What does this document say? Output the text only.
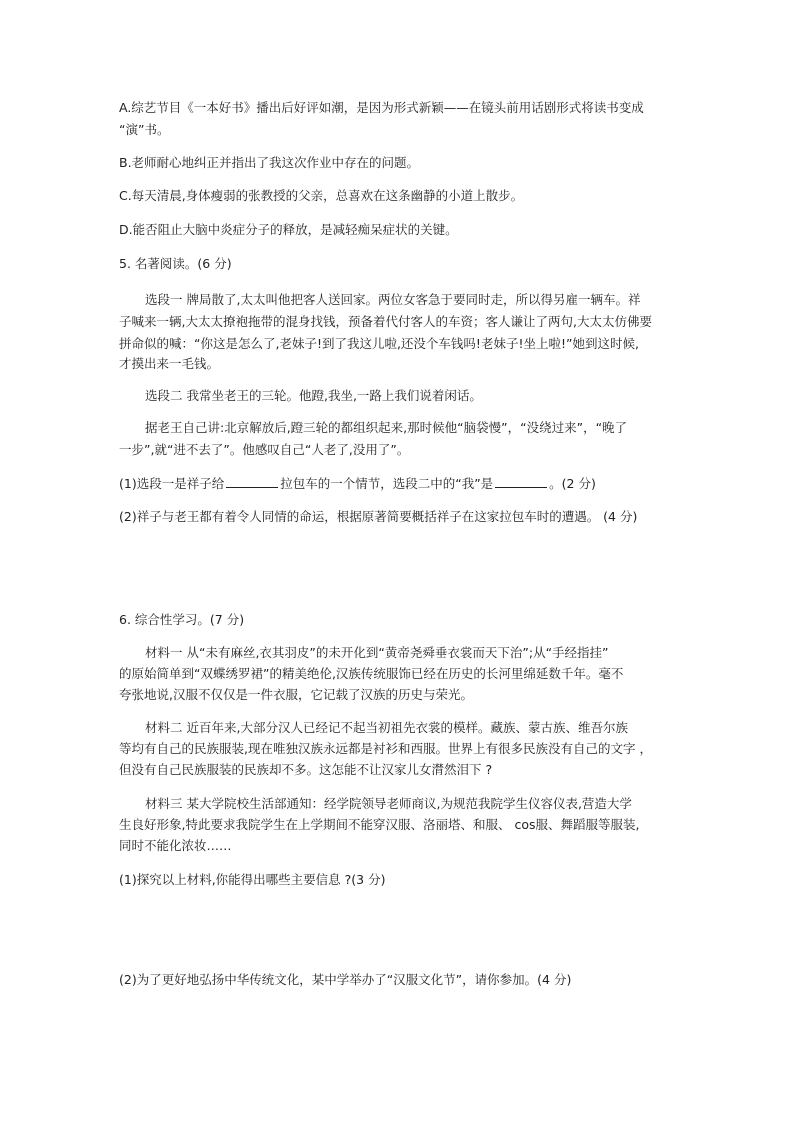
A.综艺节目《一本好书》播出后好评如潮，是因为形式新颖——在镜头前用话剧形式将读书变成
“演”书。
B.老师耐心地纠正并指出了我这次作业中存在的问题。
C.每天清晨,身体瘦弱的张教授的父亲，总喜欢在这条幽静的小道上散步。
D.能否阻止大脑中炎症分子的释放，是减轻痴呆症状的关键。
5. 名著阅读。(6 分)
选段一 牌局散了,太太叫他把客人送回家。两位女客急于要同时走，所以得另雇一辆车。祥
子喊来一辆,大太太撩袍拖带的混身找钱，预备着代付客人的车资；客人谦让了两句,大太太仿佛要
拼命似的喊：“你这是怎么了,老妹子!到了我这儿啦,还没个车钱吗!老妹子!坐上啦!”她到这时候,
才摸出来一毛钱。
选段二 我常坐老王的三轮。他蹬,我坐,一路上我们说着闲话。
据老王自己讲:北京解放后,蹬三轮的都组织起来,那时候他“脑袋慢”，“没绕过来”，“晚了
一步”,就“进不去了”。他感叹自己“人老了,没用了”。
(1)选段一是祥子给	拉包车的一个情节，选段二中的“我”是	。(2 分)
(2)祥子与老王都有着令人同情的命运，根据原著简要概括祥子在这家拉包车时的遭遇。 (4 分)
6. 综合性学习。(7 分)
材料一 从“未有麻丝,衣其羽皮”的未开化到“黄帝尧舜垂衣裳而天下治”;从“手经指挂”
的原始简单到“双蝶绣罗裙”的精美绝伦,汉族传统服饰已经在历史的长河里绵延数千年。毫不
夸张地说,汉服不仅仅是一件衣服，它记载了汉族的历史与荣光。
材料二 近百年来,大部分汉人已经记不起当初祖先衣裳的模样。藏族、蒙古族、维吾尔族
等均有自己的民族服装,现在唯独汉族永远都是衬衫和西服。世界上有很多民族没有自己的文字 ，
但没有自己民族服装的民族却不多。这怎能不让汉家儿女潸然泪下 ?
材料三 某大学院校生活部通知：经学院领导老师商议,为规范我院学生仪容仪表,营造大学
生良好形象,特此要求我院学生在上学期间不能穿汉服、洛丽塔、和服、 cos服、舞蹈服等服装,
同时不能化浓妆……
(1)探究以上材料,你能得出哪些主要信息 ?(3 分)
(2)为了更好地弘扬中华传统文化，某中学举办了“汉服文化节”，请你参加。(4 分)
